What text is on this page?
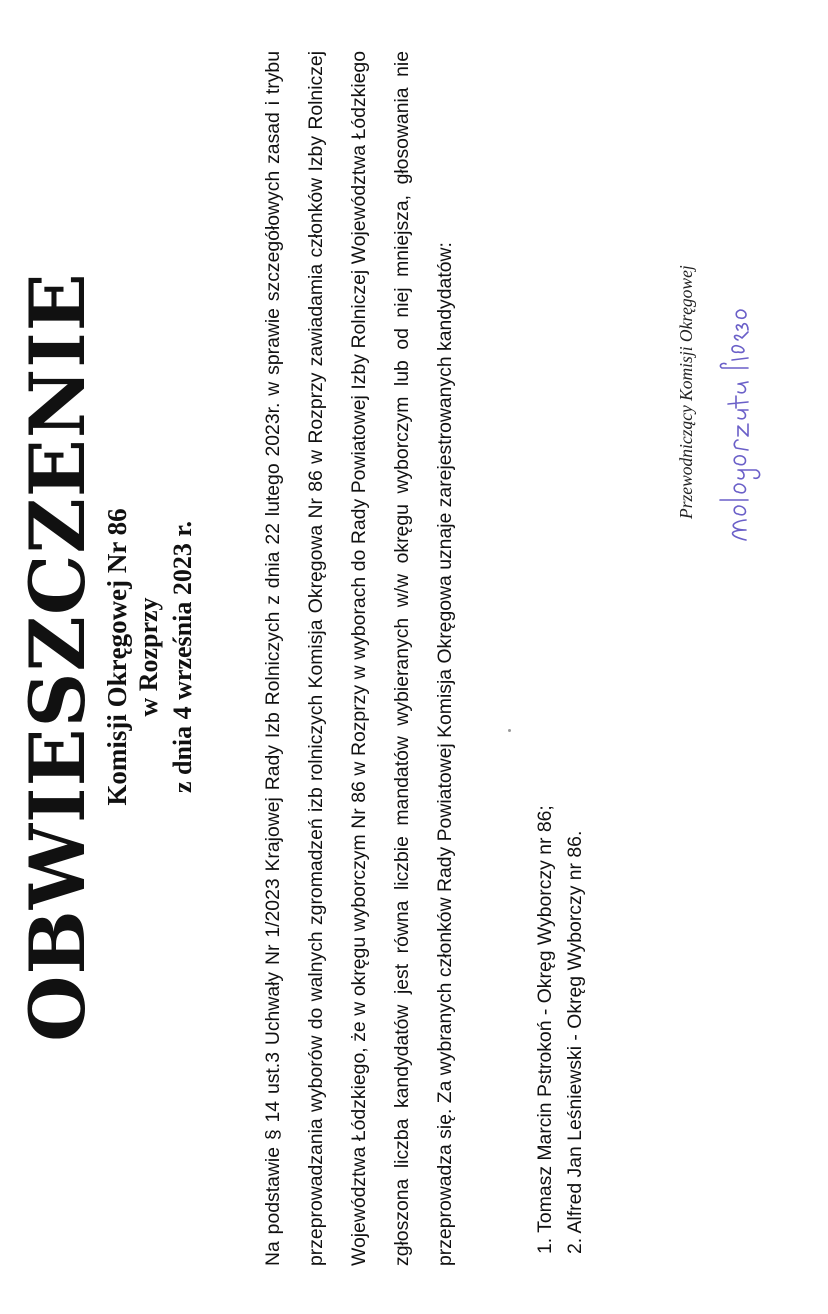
OBWIESZCZENIE Komisji Okręgowej Nr 86 w Rozprzy z dnia 4 września 2023 r.	Na podstawie § 14 ust.3 Uchwały Nr 1/2023 Krajowej Rady Izb Rolniczych z dnia 22 lutego 2023r. w sprawie szczegółowych zasad i trybu przeprowadzania wyborów do walnych zgromadzeń izb rolniczych Komisja Okręgowa Nr 86 w Rozprzy zawiadamia członków Izby Rolniczej Województwa Łódzkiego, że w okręgu wyborczym Nr 86 w Rozprzy w wyborach do Rady Powiatowej Izby Rolniczej Województwa Łódzkiego zgłoszona liczba kandydatów jest równa liczbie mandatów wybieranych w/w okręgu wyborczym lub od niej mniejsza, głosowania nie przeprowadza się. Za wybranych członków Rady Powiatowej Komisja Okręgowa uznaje zarejestrowanych kandydatów:	1. Tomasz Marcin Pstrokoń - Okręg Wyborczy nr 86; 2. Alfred Jan Leśniewski - Okręg Wyborczy nr 86.
Przewodniczący Komisji Okręgowej
